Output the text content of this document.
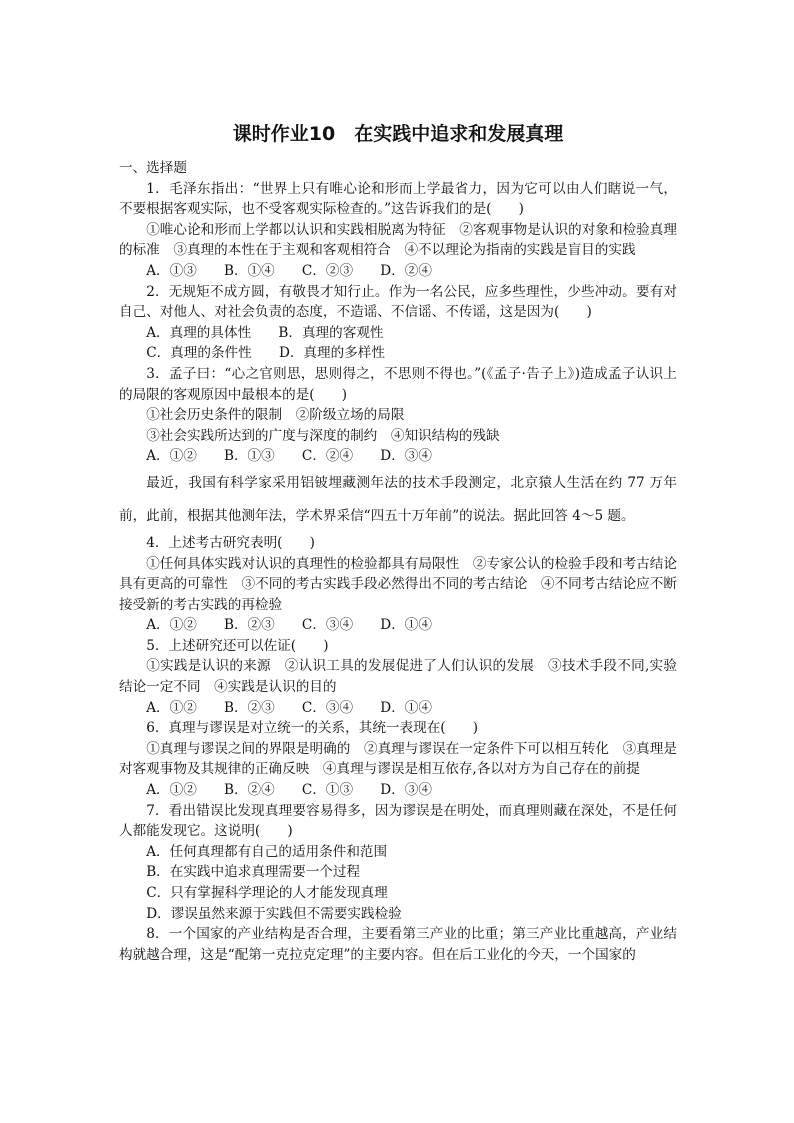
课时作业10　在实践中追求和发展真理
一、选择题

1．毛泽东指出：“世界上只有唯心论和形而上学最省力，因为它可以由人们瞎说一气，不要根据客观实际，也不受客观实际检查的。”这告诉我们的是(　　)

①唯心论和形而上学都以认识和实践相脱离为特征　②客观事物是认识的对象和检验真理的标准　③真理的本性在于主观和客观相符合　④不以理论为指南的实践是盲目的实践

A．①③　　B．①④　　C．②③　　D．②④

2．无规矩不成方圆，有敬畏才知行止。作为一名公民，应多些理性，少些冲动。要有对自己、对他人、对社会负责的态度，不造谣、不信谣、不传谣，这是因为(　　)

A．真理的具体性　　 B．真理的客观性

C．真理的条件性　　 D．真理的多样性

3．孟子曰：“心之官则思，思则得之，不思则不得也。”(《孟子·告子上》)造成孟子认识上的局限的客观原因中最根本的是(　　)

①社会历史条件的限制　②阶级立场的局限

③社会实践所达到的广度与深度的制约　④知识结构的残缺

A．①②　　B．①③　　C．②④　　D．③④

最近，我国有科学家采用铝铍埋藏测年法的技术手段测定，北京猿人生活在约 77 万年前，此前，根据其他测年法，学术界采信“四五十万年前”的说法。据此回答 4～5 题。

4．上述考古研究表明(　　)

①任何具体实践对认识的真理性的检验都具有局限性　②专家公认的检验手段和考古结论具有更高的可靠性　③不同的考古实践手段必然得出不同的考古结论　④不同考古结论应不断接受新的考古实践的再检验

A．①②　　B．②③　　C．③④　　D．①④

5．上述研究还可以佐证(　　)

①实践是认识的来源　②认识工具的发展促进了人们认识的发展　③技术手段不同,实验结论一定不同　④实践是认识的目的

A．①②　　B．②③　　C．③④　　D．①④

6．真理与谬误是对立统一的关系，其统一表现在(　　)

①真理与谬误之间的界限是明确的　②真理与谬误在一定条件下可以相互转化　③真理是对客观事物及其规律的正确反映　④真理与谬误是相互依存,各以对方为自己存在的前提

A．①②　　B．②④　　C．①③　　D．③④

7．看出错误比发现真理要容易得多，因为谬误是在明处，而真理则藏在深处，不是任何人都能发现它。这说明(　　)

A．任何真理都有自己的适用条件和范围

B．在实践中追求真理需要一个过程

C．只有掌握科学理论的人才能发现真理

D．谬误虽然来源于实践但不需要实践检验

8．一个国家的产业结构是否合理，主要看第三产业的比重；第三产业比重越高，产业结构就越合理，这是“配第一克拉克定理”的主要内容。但在后工业化的今天，一个国家的
